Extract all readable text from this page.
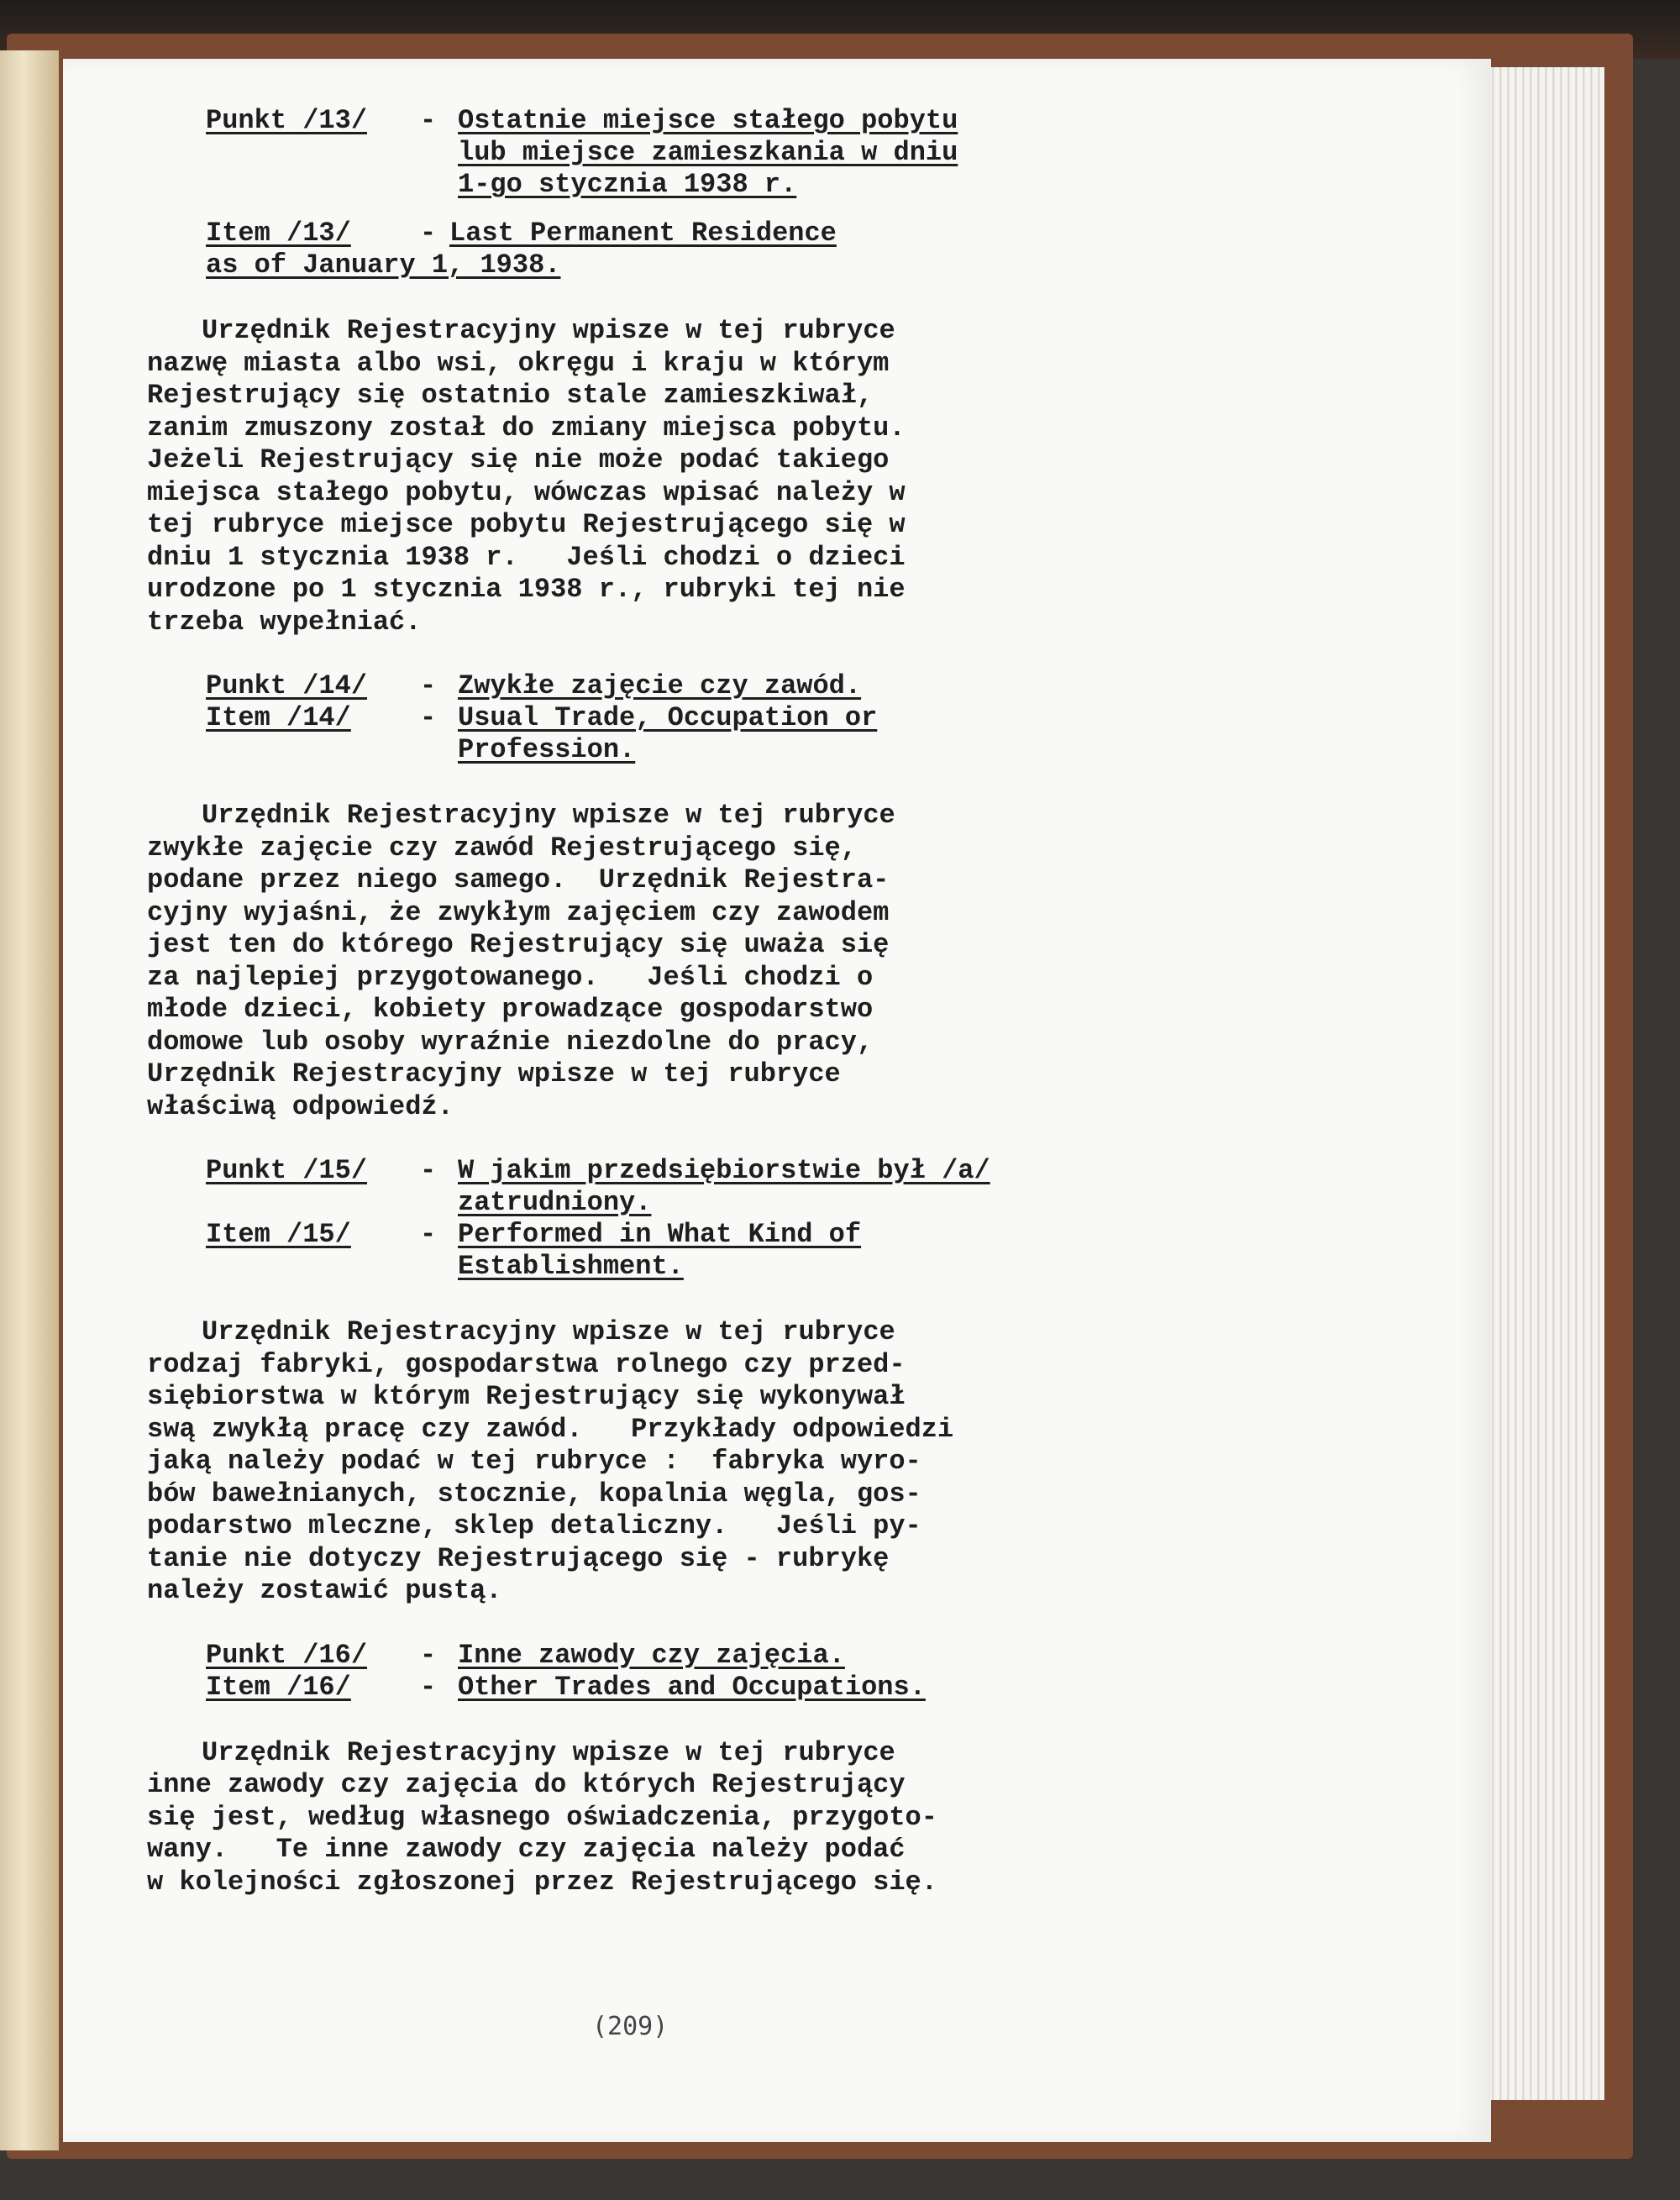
Punkt /13/ - Ostatnie miejsce stałego pobytu
lub miejsce zamieszkania w dniu
1-go stycznia 1938 r.
Item /13/	- Last Permanent Residence
as of January 1, 1938.
Urzędnik Rejestracyjny wpisze w tej rubryce
nazwę miasta albo wsi, okręgu i kraju w którym
Rejestrujący się ostatnio stale zamieszkiwał,
zanim zmuszony został do zmiany miejsca pobytu.
Jeżeli Rejestrujący się nie może podać takiego
miejsca stałego pobytu, wówczas wpisać należy w
tej rubryce miejsce pobytu Rejestrującego się w
dniu 1 stycznia 1938 r.   Jeśli chodzi o dzieci
urodzone po 1 stycznia 1938 r., rubryki tej nie
trzeba wypełniać.
Punkt /14/ - Zwykłe zajęcie czy zawód.
Item /14/	- Usual Trade, Occupation or
Profession.
Urzędnik Rejestracyjny wpisze w tej rubryce
zwykłe zajęcie czy zawód Rejestrującego się,
podane przez niego samego.  Urzędnik Rejestra-
cyjny wyjaśni, że zwykłym zajęciem czy zawodem
jest ten do którego Rejestrujący się uważa się
za najlepiej przygotowanego.   Jeśli chodzi o
młode dzieci, kobiety prowadzące gospodarstwo
domowe lub osoby wyraźnie niezdolne do pracy,
Urzędnik Rejestracyjny wpisze w tej rubryce
właściwą odpowiedź.
Punkt /15/ - W jakim przedsiębiorstwie był /a/
zatrudniony.
Item /15/	- Performed in What Kind of
Establishment.
Urzędnik Rejestracyjny wpisze w tej rubryce
rodzaj fabryki, gospodarstwa rolnego czy przed-
siębiorstwa w którym Rejestrujący się wykonywał
swą zwykłą pracę czy zawód.   Przykłady odpowiedzi
jaką należy podać w tej rubryce :  fabryka wyro-
bów bawełnianych, stocznie, kopalnia węgla, gos-
podarstwo mleczne, sklep detaliczny.   Jeśli py-
tanie nie dotyczy Rejestrującego się - rubrykę
należy zostawić pustą.
Punkt /16/ - Inne zawody czy zajęcia.
Item /16/	- Other Trades and Occupations.
Urzędnik Rejestracyjny wpisze w tej rubryce
inne zawody czy zajęcia do których Rejestrujący
się jest, według własnego oświadczenia, przygoto-
wany.   Te inne zawody czy zajęcia należy podać
w kolejności zgłoszonej przez Rejestrującego się.
(209)
